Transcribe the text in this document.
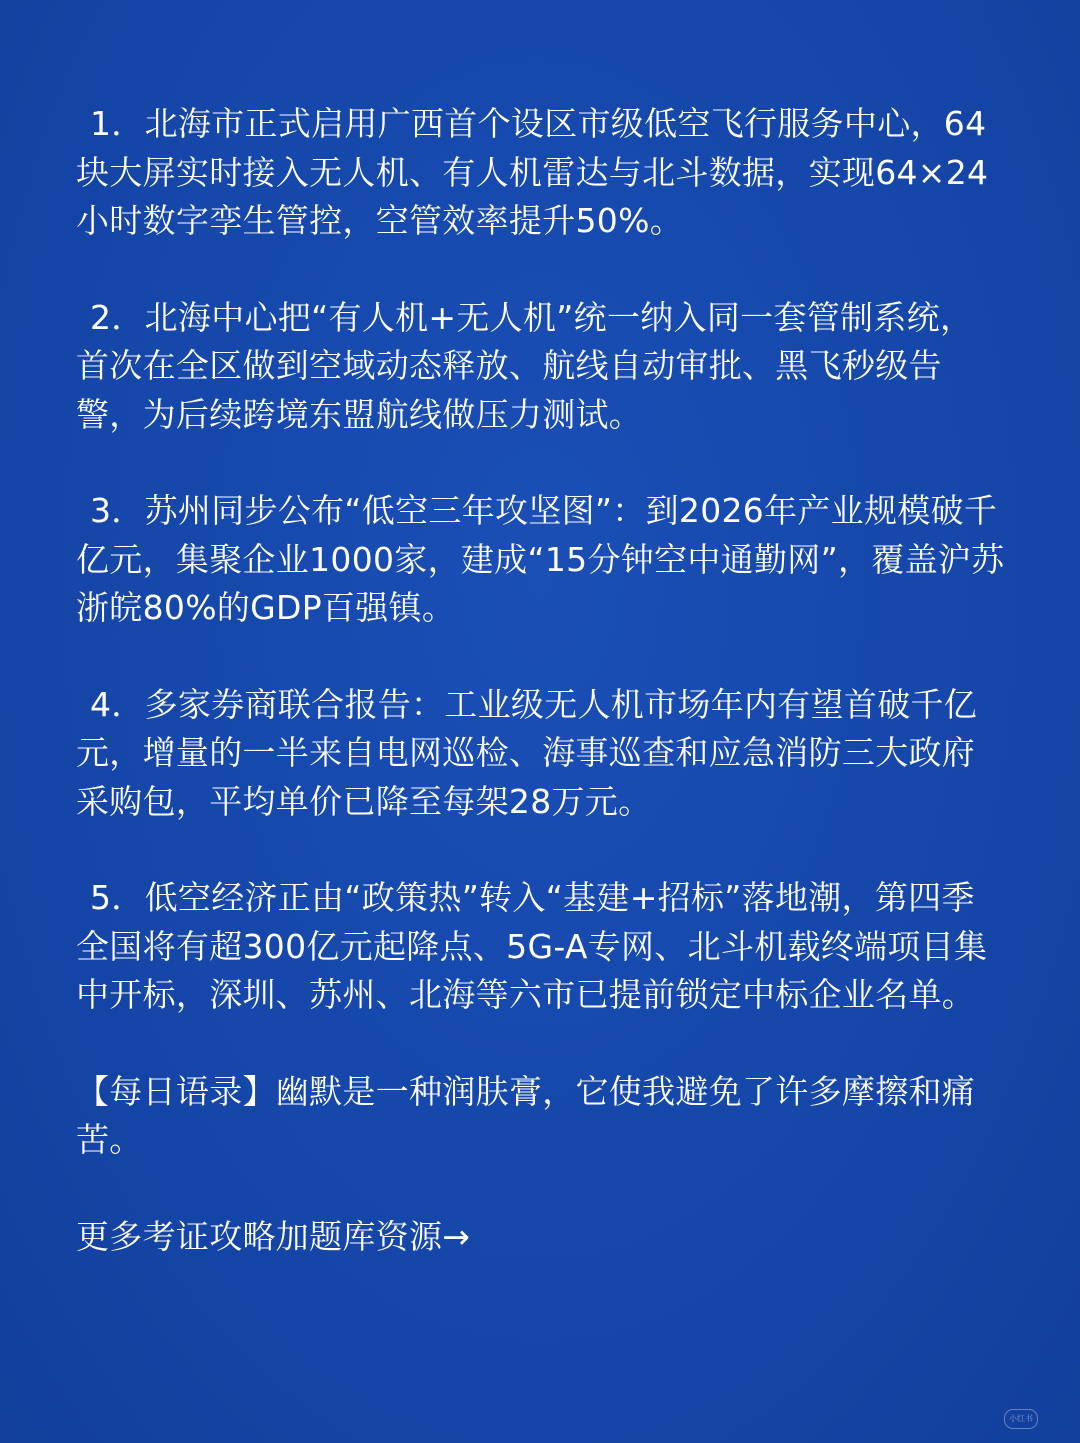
1．北海市正式启用广西首个设区市级低空飞行服务中心，64块大屏实时接入无人机、有人机雷达与北斗数据，实现64×24小时数字孪生管控，空管效率提升50%。

2．北海中心把“有人机+无人机”统一纳入同一套管制系统，首次在全区做到空域动态释放、航线自动审批、黑飞秒级告警，为后续跨境东盟航线做压力测试。

3．苏州同步公布“低空三年攻坚图”：到2026年产业规模破千亿元，集聚企业1000家，建成“15分钟空中通勤网”，覆盖沪苏浙皖80%的GDP百强镇。

4．多家券商联合报告：工业级无人机市场年内有望首破千亿元，增量的一半来自电网巡检、海事巡查和应急消防三大政府采购包，平均单价已降至每架28万元。

5．低空经济正由“政策热”转入“基建+招标”落地潮，第四季全国将有超300亿元起降点、5G-A专网、北斗机载终端项目集中开标，深圳、苏州、北海等六市已提前锁定中标企业名单。

【每日语录】幽默是一种润肤膏，它使我避免了许多摩擦和痛苦。

更多考证攻略加题库资源→

小红书
